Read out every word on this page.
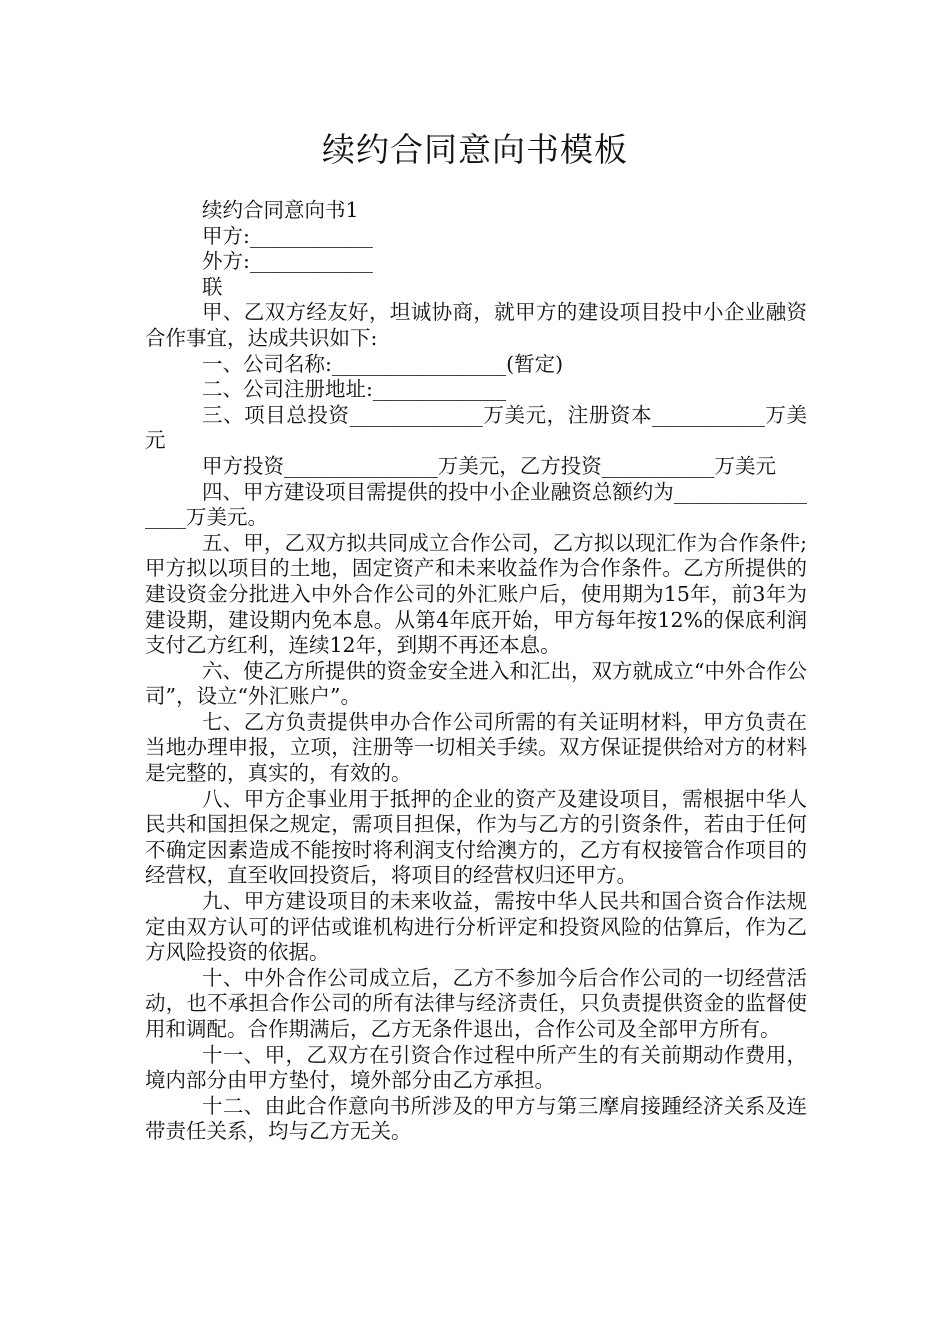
续约合同意向书模板

续约合同意向书1

甲方:____________

外方:____________

联

甲、乙双方经友好，坦诚协商，就甲方的建设项目投中小企业融资合作事宜，达成共识如下:

一、公司名称:_________________(暂定)

二、公司注册地址:_____________

三、项目总投资_____________万美元，注册资本___________万美元

甲方投资_______________万美元，乙方投资___________万美元

四、甲方建设项目需提供的投中小企业融资总额约为_________________万美元。

五、甲，乙双方拟共同成立合作公司，乙方拟以现汇作为合作条件;甲方拟以项目的土地，固定资产和未来收益作为合作条件。乙方所提供的建设资金分批进入中外合作公司的外汇账户后，使用期为15年，前3年为建设期，建设期内免本息。从第4年底开始，甲方每年按12%的保底利润支付乙方红利，连续12年，到期不再还本息。

六、使乙方所提供的资金安全进入和汇出，双方就成立“中外合作公司”，设立“外汇账户”。

七、乙方负责提供申办合作公司所需的有关证明材料，甲方负责在当地办理申报，立项，注册等一切相关手续。双方保证提供给对方的材料是完整的，真实的，有效的。

八、甲方企事业用于抵押的企业的资产及建设项目，需根据中华人民共和国担保之规定，需项目担保，作为与乙方的引资条件，若由于任何不确定因素造成不能按时将利润支付给澳方的，乙方有权接管合作项目的经营权，直至收回投资后，将项目的经营权归还甲方。

九、甲方建设项目的未来收益，需按中华人民共和国合资合作法规定由双方认可的评估或谁机构进行分析评定和投资风险的估算后，作为乙方风险投资的依据。

十、中外合作公司成立后，乙方不参加今后合作公司的一切经营活动，也不承担合作公司的所有法律与经济责任，只负责提供资金的监督使用和调配。合作期满后，乙方无条件退出，合作公司及全部甲方所有。

十一、甲，乙双方在引资合作过程中所产生的有关前期动作费用，境内部分由甲方垫付，境外部分由乙方承担。

十二、由此合作意向书所涉及的甲方与第三摩肩接踵经济关系及连带责任关系，均与乙方无关。
